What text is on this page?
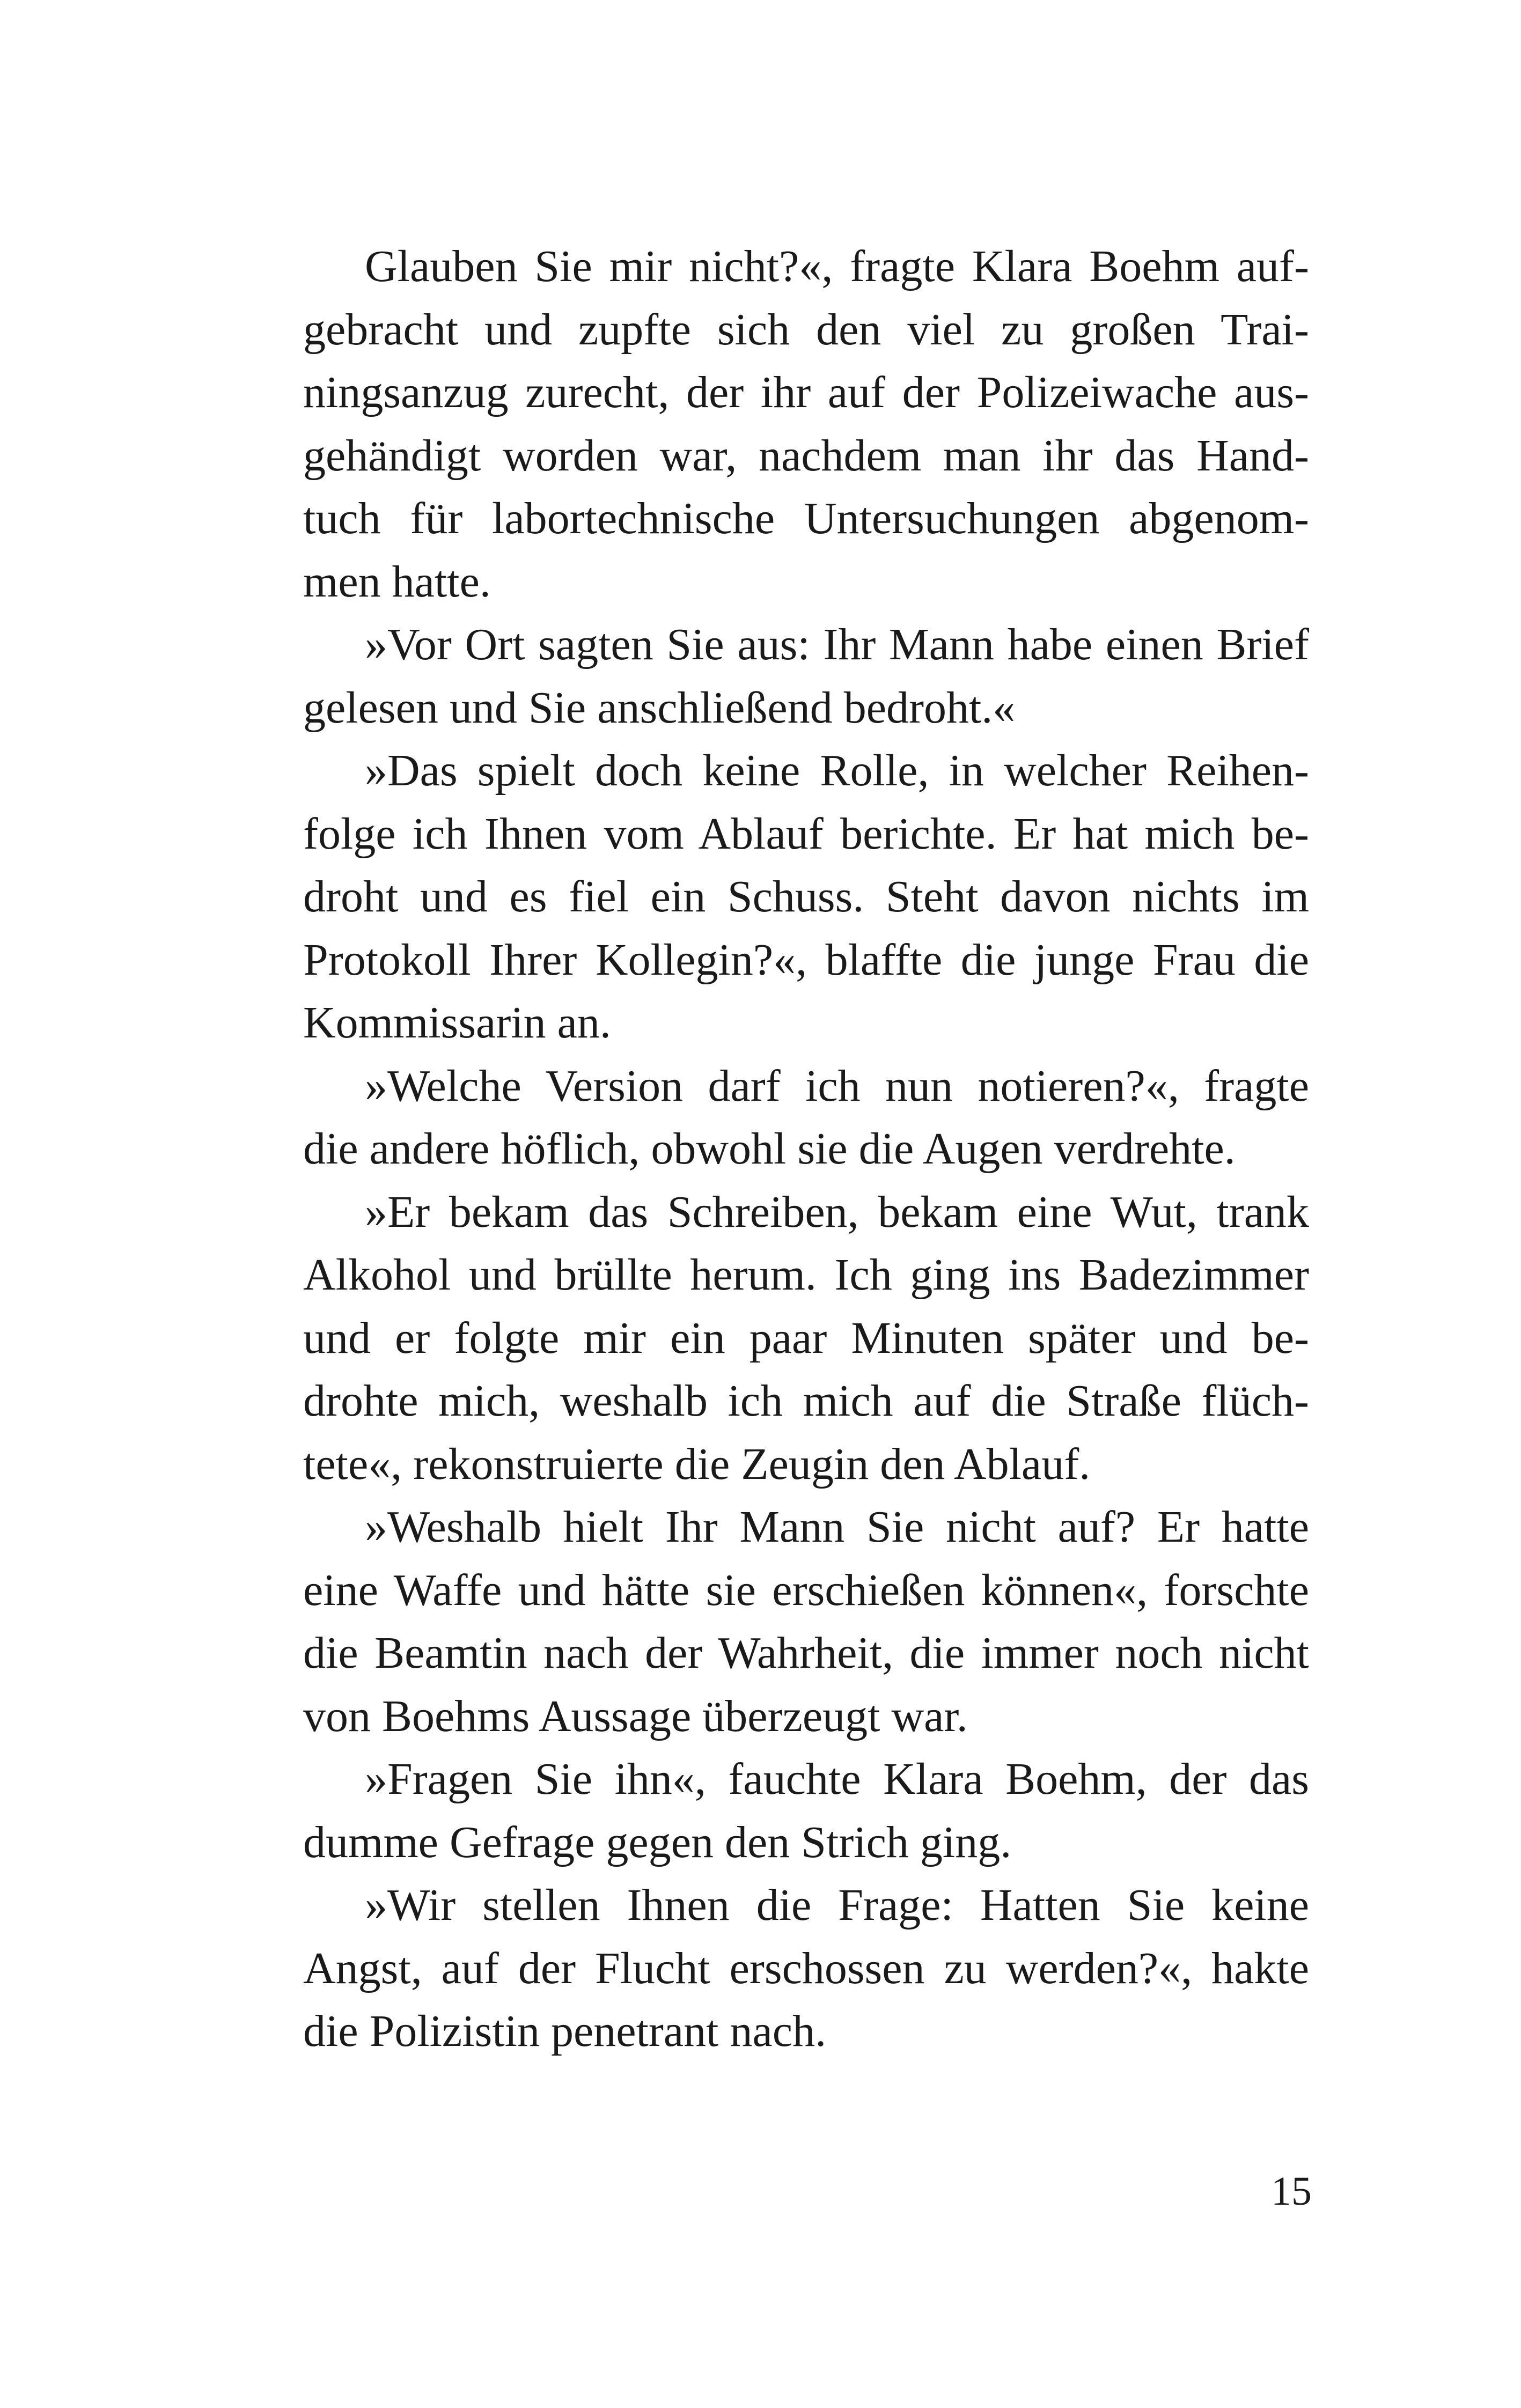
Glauben Sie mir nicht?«, fragte Klara Boehm auf-
gebracht und zupfte sich den viel zu großen Trai-
ningsanzug zurecht, der ihr auf der Polizeiwache aus-
gehändigt worden war, nachdem man ihr das Hand-
tuch für labortechnische Untersuchungen abgenom-
men hatte.
»Vor Ort sagten Sie aus: Ihr Mann habe einen Brief
gelesen und Sie anschließend bedroht.«
»Das spielt doch keine Rolle, in welcher Reihen-
folge ich Ihnen vom Ablauf berichte. Er hat mich be-
droht und es fiel ein Schuss. Steht davon nichts im
Protokoll Ihrer Kollegin?«, blaffte die junge Frau die
Kommissarin an.
»Welche Version darf ich nun notieren?«, fragte
die andere höflich, obwohl sie die Augen verdrehte.
»Er bekam das Schreiben, bekam eine Wut, trank
Alkohol und brüllte herum. Ich ging ins Badezimmer
und er folgte mir ein paar Minuten später und be-
drohte mich, weshalb ich mich auf die Straße flüch-
tete«, rekonstruierte die Zeugin den Ablauf.
»Weshalb hielt Ihr Mann Sie nicht auf? Er hatte
eine Waffe und hätte sie erschießen können«, forschte
die Beamtin nach der Wahrheit, die immer noch nicht
von Boehms Aussage überzeugt war.
»Fragen Sie ihn«, fauchte Klara Boehm, der das
dumme Gefrage gegen den Strich ging.
»Wir stellen Ihnen die Frage: Hatten Sie keine
Angst, auf der Flucht erschossen zu werden?«, hakte
die Polizistin penetrant nach.
15
